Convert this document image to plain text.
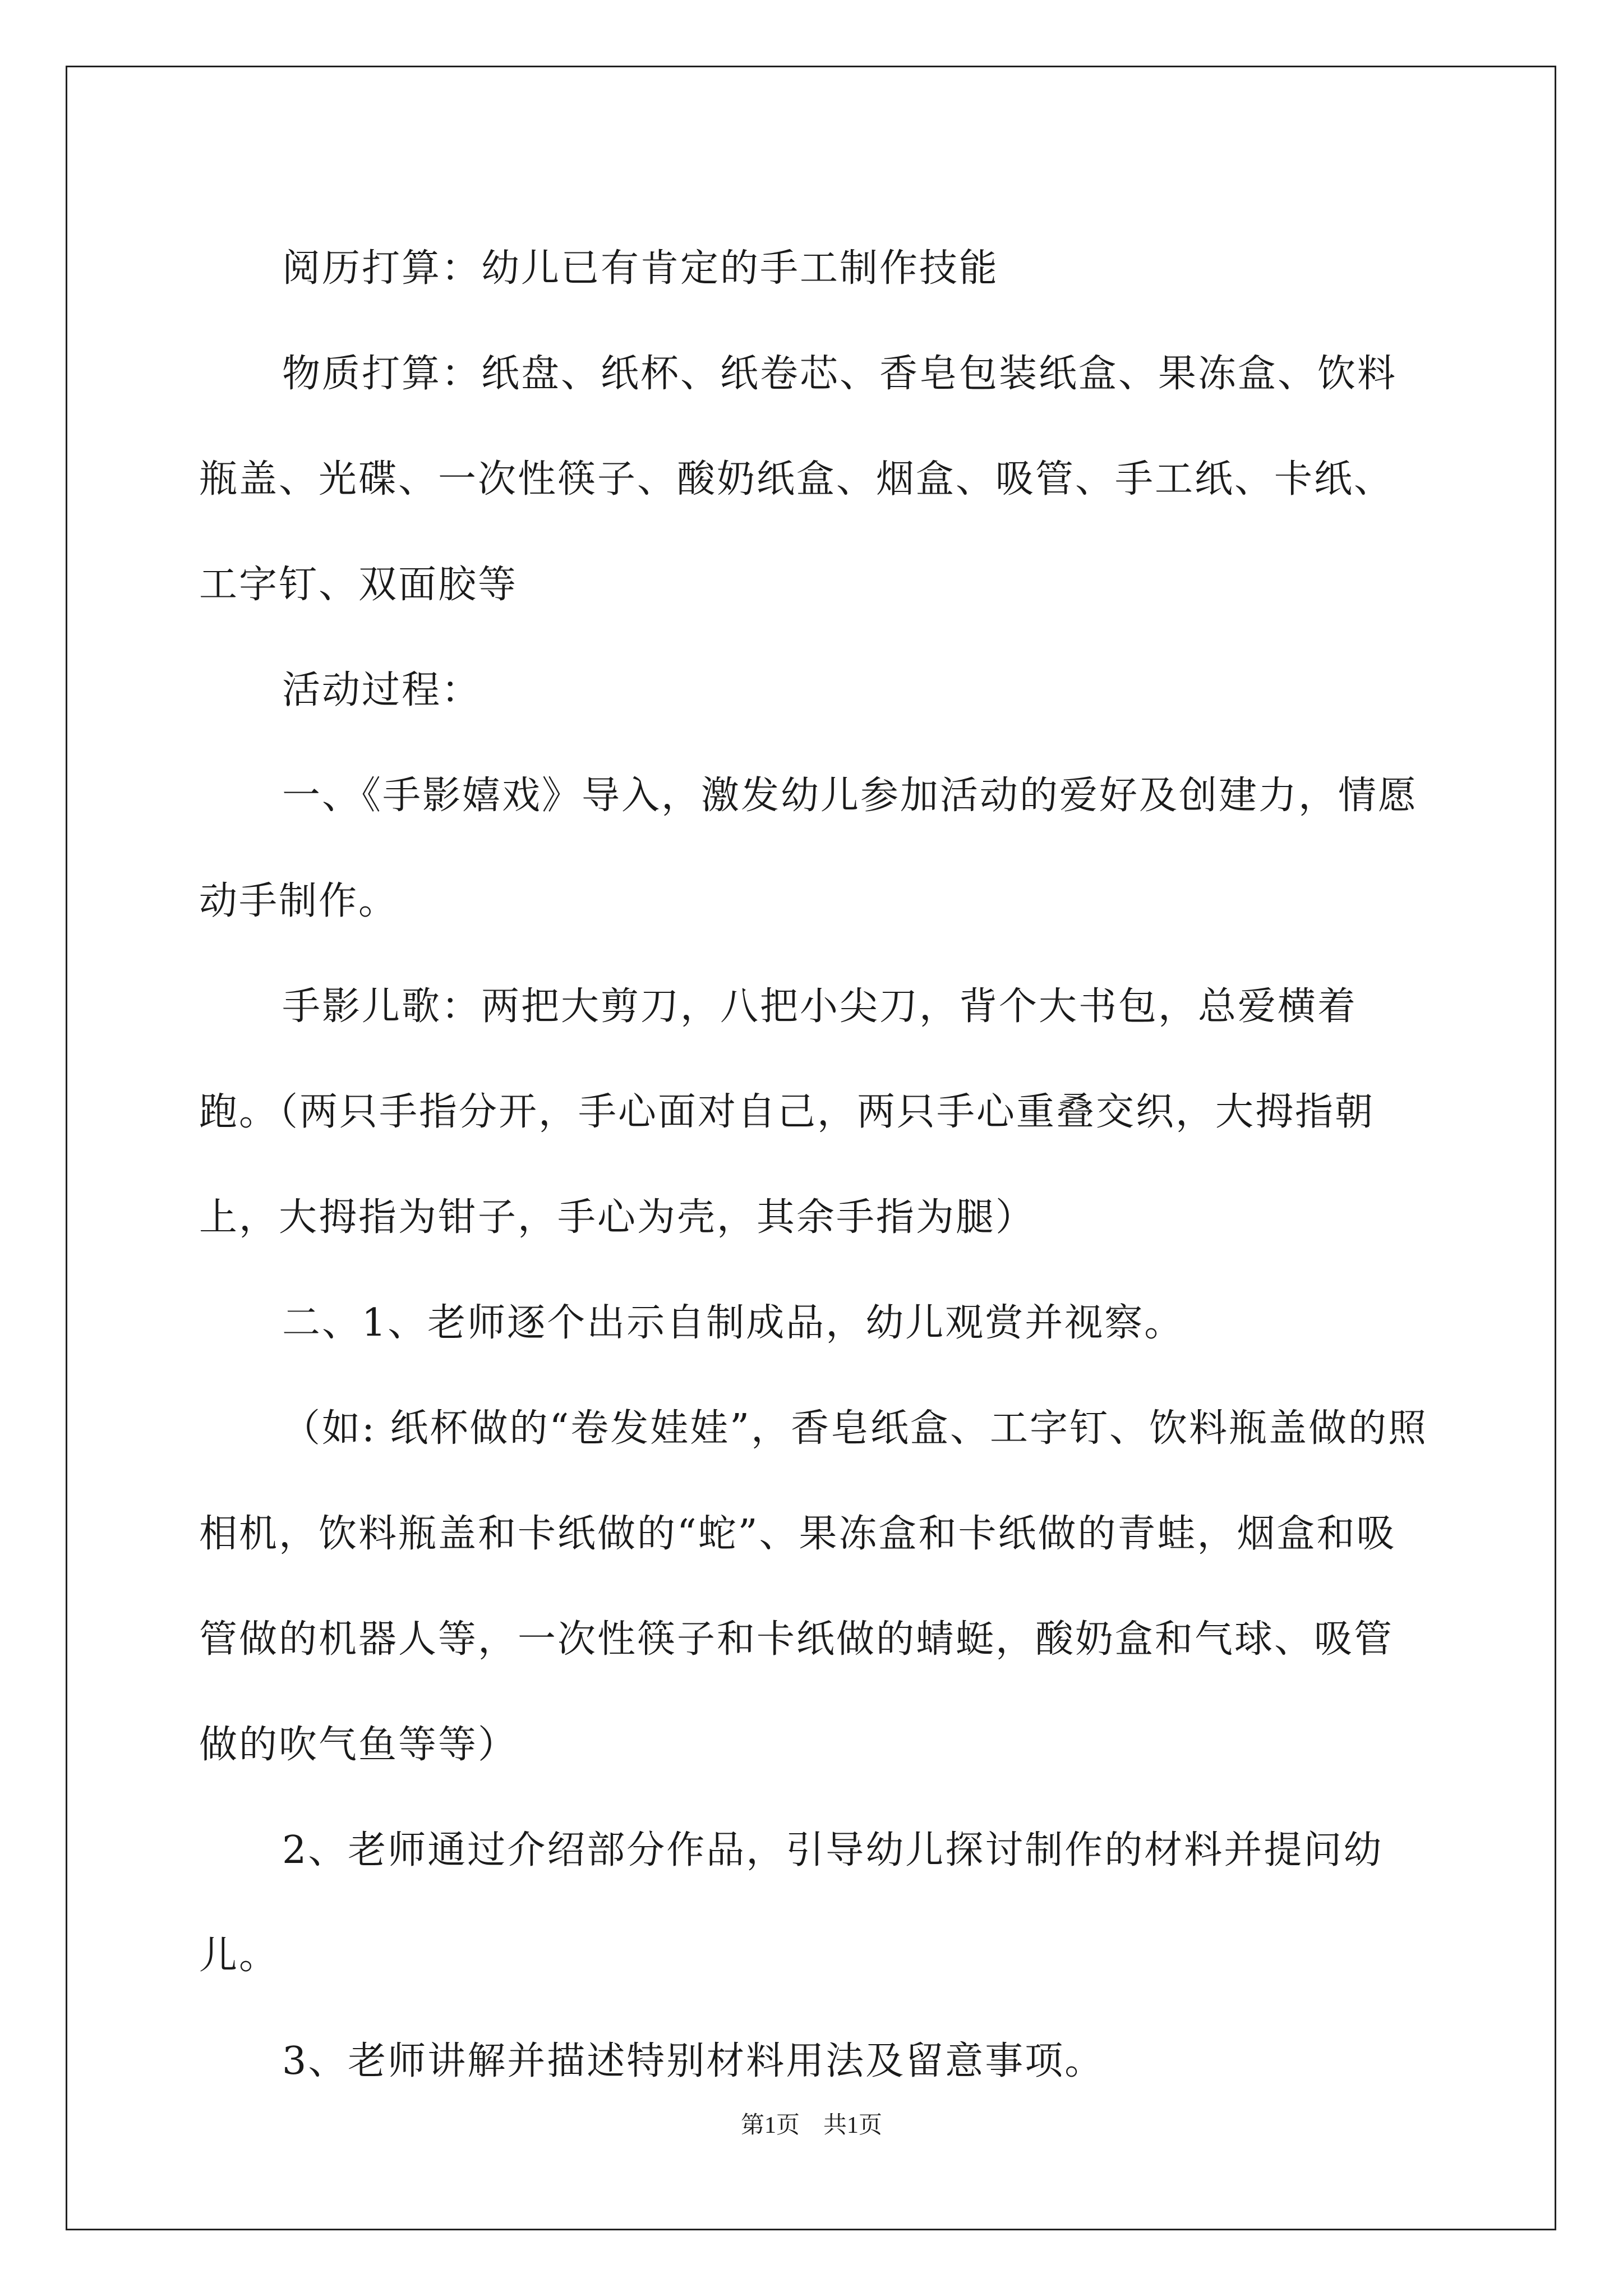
阅历打算：幼儿已有肯定的手工制作技能

物质打算：纸盘、纸杯、纸卷芯、香皂包装纸盒、果冻盒、饮料瓶盖、光碟、一次性筷子、酸奶纸盒、烟盒、吸管、手工纸、卡纸、工字钉、双面胶等

活动过程：

一、《手影嬉戏》导入，激发幼儿参加活动的爱好及创建力，情愿动手制作。

手影儿歌：两把大剪刀，八把小尖刀，背个大书包，总爱横着跑。（两只手指分开，手心面对自己，两只手心重叠交织，大拇指朝上，大拇指为钳子，手心为壳，其余手指为腿）

二、1、老师逐个出示自制成品，幼儿观赏并视察。

（如: 纸杯做的“卷发娃娃”，香皂纸盒、工字钉、饮料瓶盖做的照相机，饮料瓶盖和卡纸做的“蛇”、果冻盒和卡纸做的青蛙，烟盒和吸管做的机器人等，一次性筷子和卡纸做的蜻蜓，酸奶盒和气球、吸管做的吹气鱼等等）

2、老师通过介绍部分作品，引导幼儿探讨制作的材料并提问幼儿。

3、老师讲解并描述特别材料用法及留意事项。

第1页　共1页
